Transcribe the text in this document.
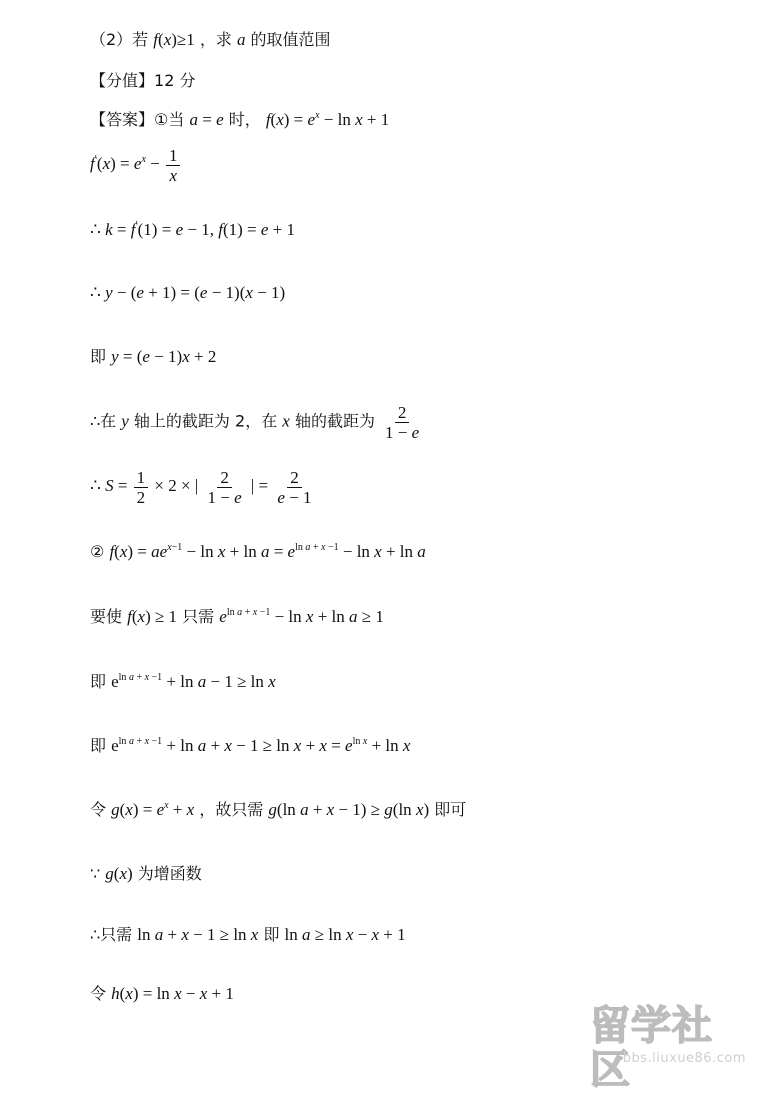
（2）若 f(x)≥1 ，求 a 的取值范围
【分值】12 分
【答案】①当 a = e 时， $f(x) = e^x - \ln x + 1$
$f'(x) = e^x - \frac{1}{x}$
∴ k = f′(1) = e − 1, f(1) = e + 1
∴ y − (e + 1) = (e − 1)(x − 1)
即 y = (e − 1)x + 2
∴在 y 轴上的截距为 2，在 x 轴的截距为 $\frac{2}{1 - e}$
∴ $S = \frac{1}{2} \times 2$ × | $\frac{2}{1 - e}$ | = $\frac{2}{e - 1}$
② $f(x) = ae^{x-1} - \ln x + \ln a = e^{ln a + x -1} - \ln x + \ln a$
要使 f(x) ≥ 1 只需 $e^{ln a + x -1} - \ln x + \ln a \ge 1$
即 $e^{ln a + x -1} + \ln a - 1 \ge \ln x$
即 $e^{ln a + x -1} + \ln a + x - 1 \ge \ln x + x = e^{ln x} + \ln x$
令 $g(x) = e^x + x$ ，故只需 g(ln a + x − 1) ≥ g(ln x) 即可
∵ g(x) 为增函数
∴只需 ln a + x − 1 ≥ ln x 即 ln a ≥ ln x − x + 1
令 h(x) = ln x − x + 1
留学社区
bbs.liuxue86.com
